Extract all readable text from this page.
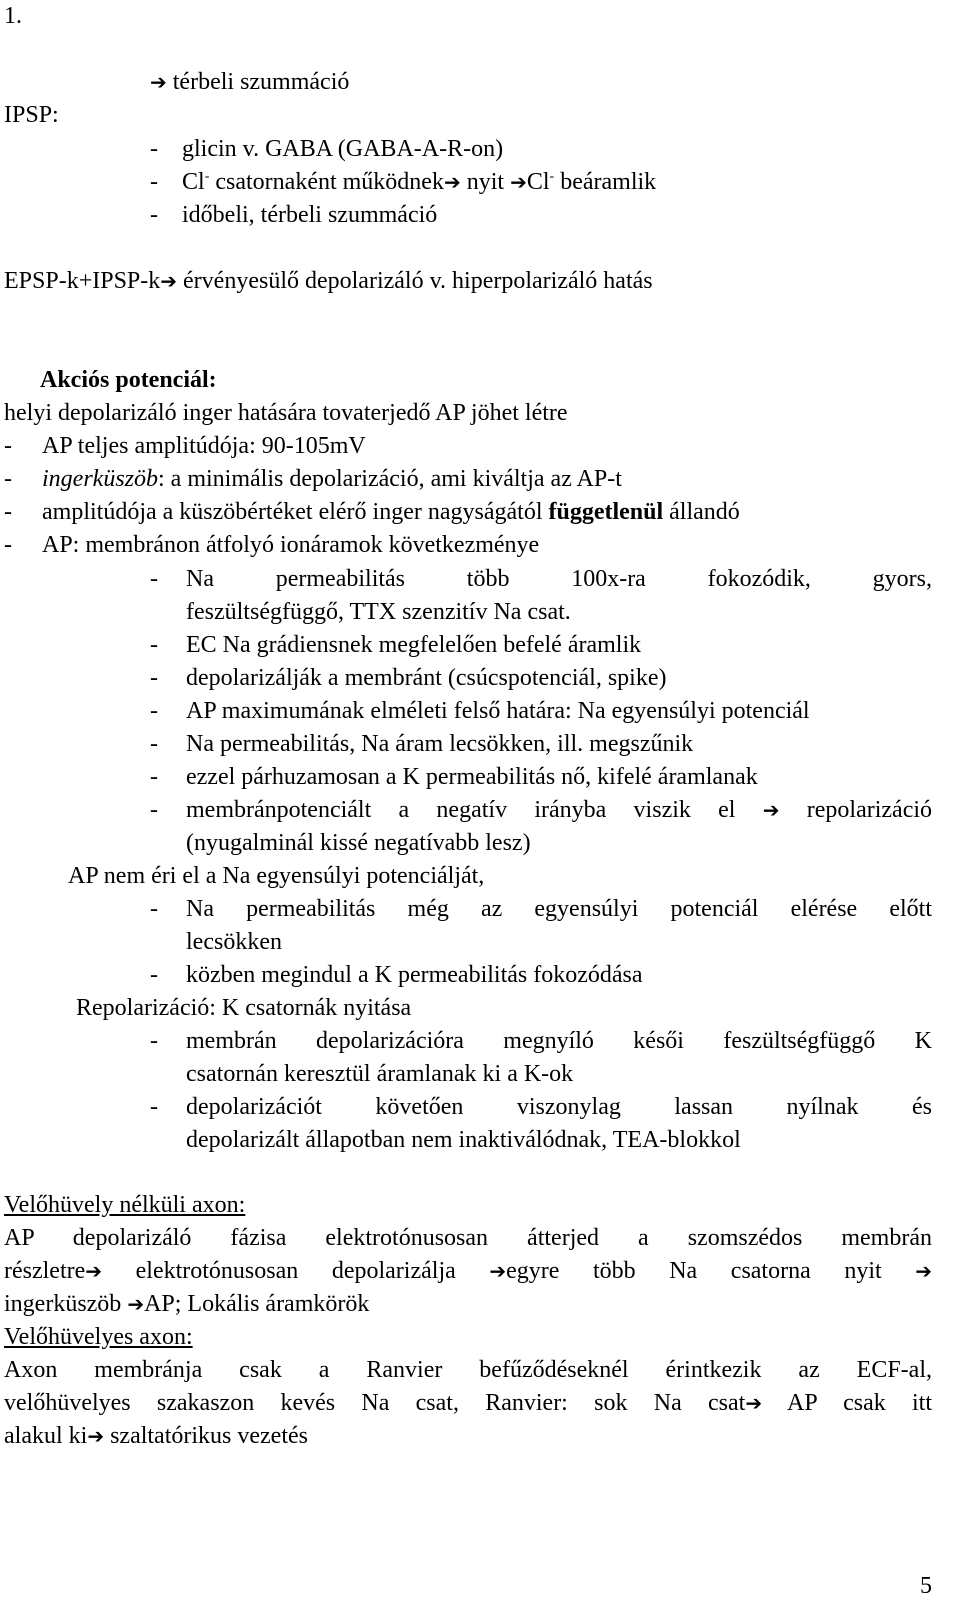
1.
➔ térbeli szummáció
IPSP:
-    glicin v. GABA (GABA-A-R-on)
-    Cl- csatornaként működnek➔ nyit ➔Cl- beáramlik
-    időbeli, térbeli szummáció
EPSP-k+IPSP-k➔ érvényesülő depolarizáló v. hiperpolarizáló hatás
Akciós potenciál:
helyi depolarizáló inger hatására tovaterjedő AP jöhet létre
-     AP teljes amplitúdója: 90-105mV
-     ingerküszöb: a minimális depolarizáció, ami kiváltja az AP-t
-     amplitúdója a küszöbértéket elérő inger nagyságától függetlenül állandó
-     AP: membránon átfolyó ionáramok következménye
- Na permeabilitás több 100x-ra fokozódik, gyors,
feszültségfüggő, TTX szenzitív Na csat.
- EC Na grádiensnek megfelelően befelé áramlik
- depolarizálják a membránt (csúcspotenciál, spike)
- AP maximumának elméleti felső határa: Na egyensúlyi potenciál
- Na permeabilitás, Na áram lecsökken, ill. megszűnik
- ezzel párhuzamosan a K permeabilitás nő, kifelé áramlanak
- membránpotenciált a negatív irányba viszik el ➔ repolarizáció
(nyugalminál kissé negatívabb lesz)
AP nem éri el a Na egyensúlyi potenciálját,
- Na permeabilitás még az egyensúlyi potenciál elérése előtt
lecsökken
- közben megindul a K permeabilitás fokozódása
Repolarizáció: K csatornák nyitása
- membrán depolarizációra megnyíló késői feszültségfüggő K
csatornán keresztül áramlanak ki a K-ok
- depolarizációt követően viszonylag lassan nyílnak és
depolarizált állapotban nem inaktiválódnak, TEA-blokkol
Velőhüvely nélküli axon:
AP depolarizáló fázisa elektrotónusosan átterjed a szomszédos membrán
részletre➔ elektrotónusosan depolarizálja ➔egyre több Na csatorna nyit ➔
ingerküszöb ➔AP; Lokális áramkörök
Velőhüvelyes axon:
Axon membránja csak a Ranvier befűződéseknél érintkezik az ECF-al,
velőhüvelyes szakaszon kevés Na csat, Ranvier: sok Na csat➔ AP csak itt
alakul ki➔ szaltatórikus vezetés
5
